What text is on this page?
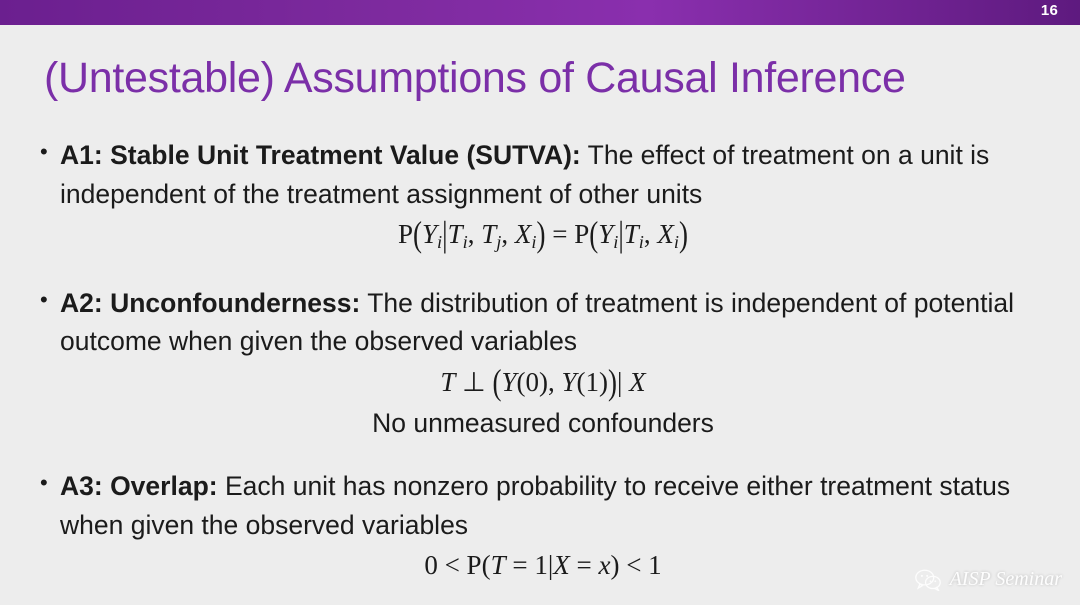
16
(Untestable) Assumptions of Causal Inference
• A1: Stable Unit Treatment Value (SUTVA): The effect of treatment on a unit is independent of the treatment assignment of other units
$P(Y_i|T_i$, $T_j$, $X_i) = P(Y_i|T_i$, $X_i$)
• A2: Unconfounderness: The distribution of treatment is independent of potential outcome when given the observed variables
T ⊥ (Y(0), Y(1))| X
No unmeasured confounders
• A3: Overlap: Each unit has nonzero probability to receive either treatment status when given the observed variables
0 < P(T = 1|X = x) < 1	AISP Seminar
